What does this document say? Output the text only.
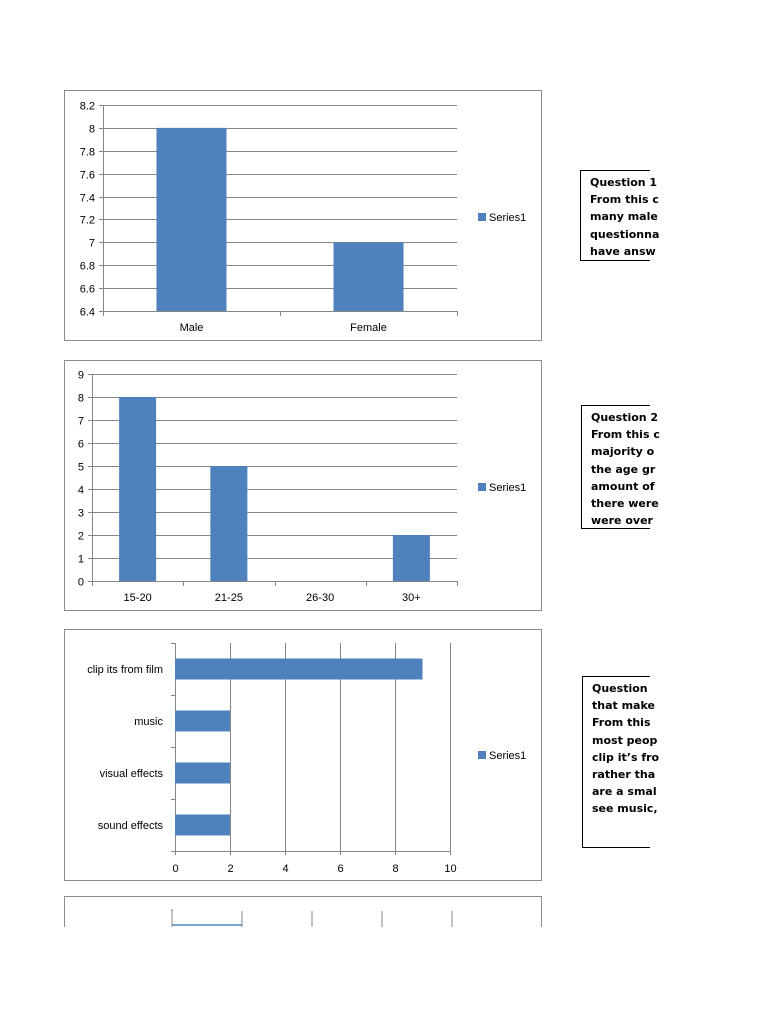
6.4
6.6
6.8
7
7.2
7.4
7.6
7.8
8
8.2
Male	Female
Series1
0
1
2
3
4
5
6
7
8
9
15-20	21-25	26-30	30+
Series1
0	2	4	6	8	10
clip its from film
music
visual effects
sound effects
Series1
Question 1
From this c
many male
questionna
have answ
Question 2
From this c
majority o
the age gr
amount of
there were
were over
Question
that make
From this
most peop
clip it’s fro
rather tha
are a smal
see music,
